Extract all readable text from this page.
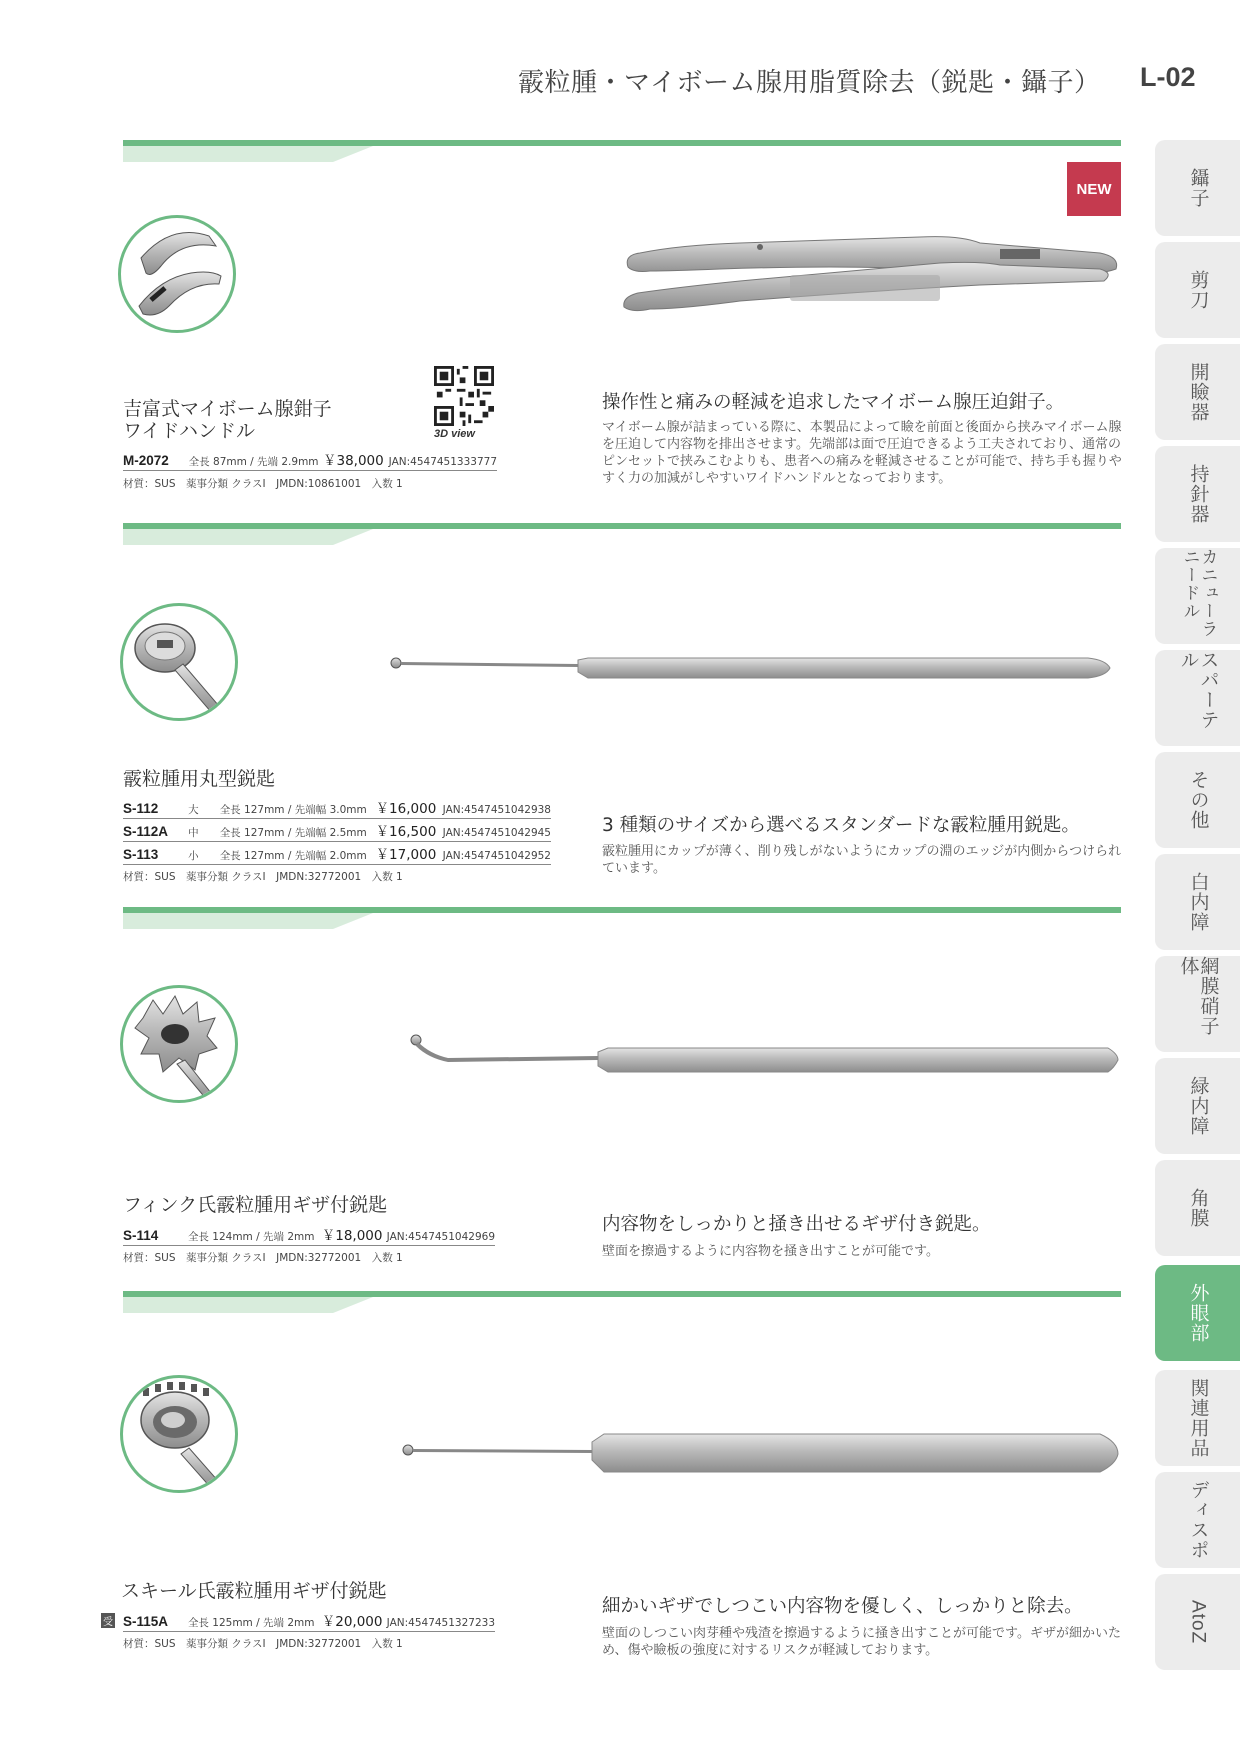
霰粒腫・マイボーム腺用脂質除去（鋭匙・鑷子） L-02
鑷子
剪刀
開瞼器
持針器
カニューラ ニードル
スパーテル
その他
白内障
網膜硝子体
緑内障
角膜
外眼部
関連用品
ディスポ
AtoZ
NEW
吉富式マイボーム腺鉗子
ワイドハンドル	3D view
M-2072	全長 87mm / 先端 2.9mm ￥38,000 JAN:4547451333777
材質：SUS　薬事分類 クラスⅠ　JMDN:10861001　入数 1
操作性と痛みの軽減を追求したマイボーム腺圧迫鉗子。
マイボーム腺が詰まっている際に、本製品によって瞼を前面と後面から挟みマイボーム腺を圧迫して内容物を排出させます。先端部は面で圧迫できるよう工夫されており、通常のピンセットで挟みこむよりも、患者への痛みを軽減させることが可能で、持ち手も握りやすく力の加減がしやすいワイドハンドルとなっております。
霰粒腫用丸型鋭匙
S-112	大	全長 127mm / 先端幅 3.0mm ￥16,000 JAN:4547451042938
S-112A	中	全長 127mm / 先端幅 2.5mm ￥16,500 JAN:4547451042945
S-113	小	全長 127mm / 先端幅 2.0mm ￥17,000 JAN:4547451042952
材質：SUS　薬事分類 クラスⅠ　JMDN:32772001　入数 1
3 種類のサイズから選べるスタンダードな霰粒腫用鋭匙。
霰粒腫用にカップが薄く、削り残しがないようにカップの淵のエッジが内側からつけられています。
フィンク氏霰粒腫用ギザ付鋭匙
S-114	全長 124mm / 先端 2mm ￥18,000 JAN:4547451042969
材質：SUS　薬事分類 クラスⅠ　JMDN:32772001　入数 1
内容物をしっかりと掻き出せるギザ付き鋭匙。
壁面を擦過するように内容物を掻き出すことが可能です。
スキール氏霰粒腫用ギザ付鋭匙
受 S-115A	全長 125mm / 先端 2mm ￥20,000 JAN:4547451327233
材質：SUS　薬事分類 クラスⅠ　JMDN:32772001　入数 1
細かいギザでしつこい内容物を優しく、しっかりと除去。
壁面のしつこい肉芽種や残渣を擦過するように掻き出すことが可能です。ギザが細かいため、傷や瞼板の強度に対するリスクが軽減しております。
